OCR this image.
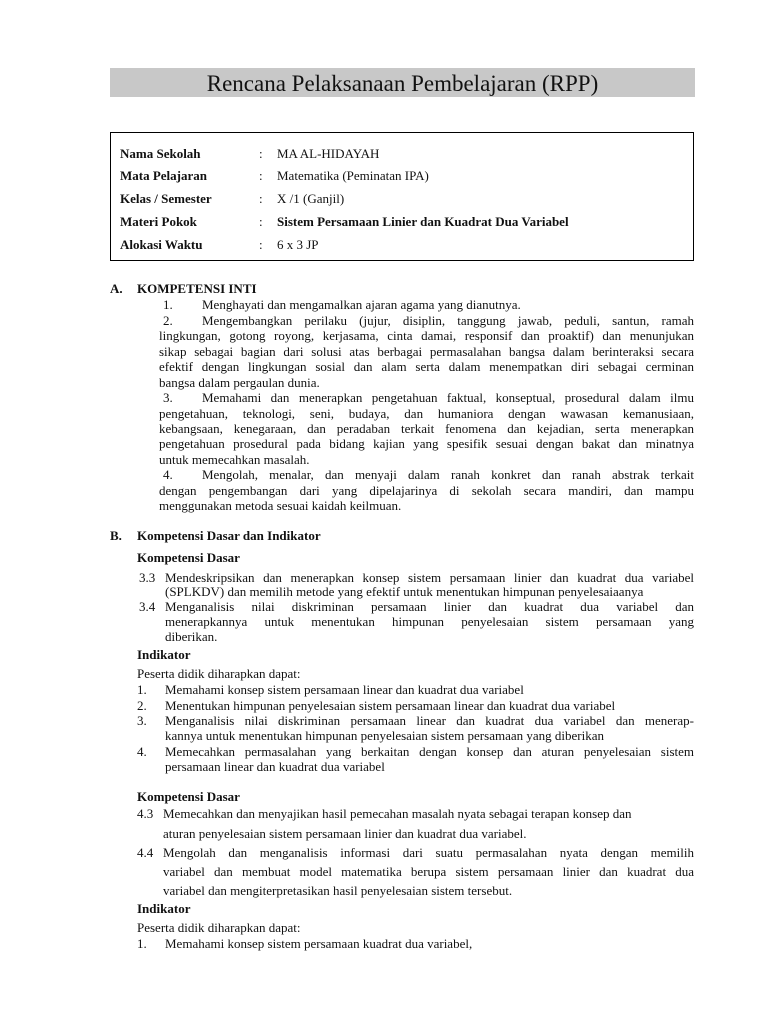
Rencana Pelaksanaan Pembelajaran (RPP)
Nama Sekolah	: MA AL-HIDAYAH
Mata Pelajaran	: Matematika (Peminatan IPA)
Kelas / Semester	: X /1 (Ganjil)
Materi Pokok	: Sistem Persamaan Linier dan Kuadrat Dua Variabel
Alokasi Waktu	: 6 x 3 JP
A. KOMPETENSI INTI
1. Menghayati dan mengamalkan ajaran agama yang dianutnya.
2. Mengembangkan perilaku (jujur, disiplin, tanggung jawab, peduli, santun, ramah
lingkungan, gotong royong, kerjasama, cinta damai, responsif dan proaktif) dan menunjukan
sikap sebagai bagian dari solusi atas berbagai permasalahan bangsa dalam berinteraksi secara
efektif dengan lingkungan sosial dan alam serta dalam menempatkan diri sebagai cerminan
bangsa dalam pergaulan dunia.
3. Memahami dan menerapkan pengetahuan faktual, konseptual, prosedural dalam ilmu
pengetahuan, teknologi, seni, budaya, dan humaniora dengan wawasan kemanusiaan,
kebangsaan, kenegaraan, dan peradaban terkait fenomena dan kejadian, serta menerapkan
pengetahuan prosedural pada bidang kajian yang spesifik sesuai dengan bakat dan minatnya
untuk memecahkan masalah.
4. Mengolah, menalar, dan menyaji dalam ranah konkret dan ranah abstrak terkait
dengan pengembangan dari yang dipelajarinya di sekolah secara mandiri, dan mampu
menggunakan metoda sesuai kaidah keilmuan.
B. Kompetensi Dasar dan Indikator
Kompetensi Dasar
3.3 Mendeskripsikan dan menerapkan konsep sistem persamaan linier dan kuadrat dua variabel
(SPLKDV) dan memilih metode yang efektif untuk menentukan himpunan penyelesaiaanya
3.4 Menganalisis nilai diskriminan persamaan linier dan kuadrat dua variabel dan
menerapkannya untuk menentukan himpunan penyelesaian sistem persamaan yang
diberikan.
Indikator
Peserta didik diharapkan dapat:
1. Memahami konsep sistem persamaan linear dan kuadrat dua variabel
2. Menentukan himpunan penyelesaian sistem persamaan linear dan kuadrat dua variabel
3. Menganalisis nilai diskriminan persamaan linear dan kuadrat dua variabel dan menerap-
kannya untuk menentukan himpunan penyelesaian sistem persamaan yang diberikan
4. Memecahkan permasalahan yang berkaitan dengan konsep dan aturan penyelesaian sistem
persamaan linear dan kuadrat dua variabel
Kompetensi Dasar
4.3 Memecahkan dan menyajikan hasil pemecahan masalah nyata sebagai terapan konsep dan
aturan penyelesaian sistem persamaan linier dan kuadrat dua variabel.
4.4 Mengolah dan menganalisis informasi dari suatu permasalahan nyata dengan memilih
variabel dan membuat model matematika berupa sistem persamaan linier dan kuadrat dua
variabel dan mengiterpretasikan hasil penyelesaian sistem tersebut.
Indikator
Peserta didik diharapkan dapat:
1. Memahami konsep sistem persamaan kuadrat dua variabel,
